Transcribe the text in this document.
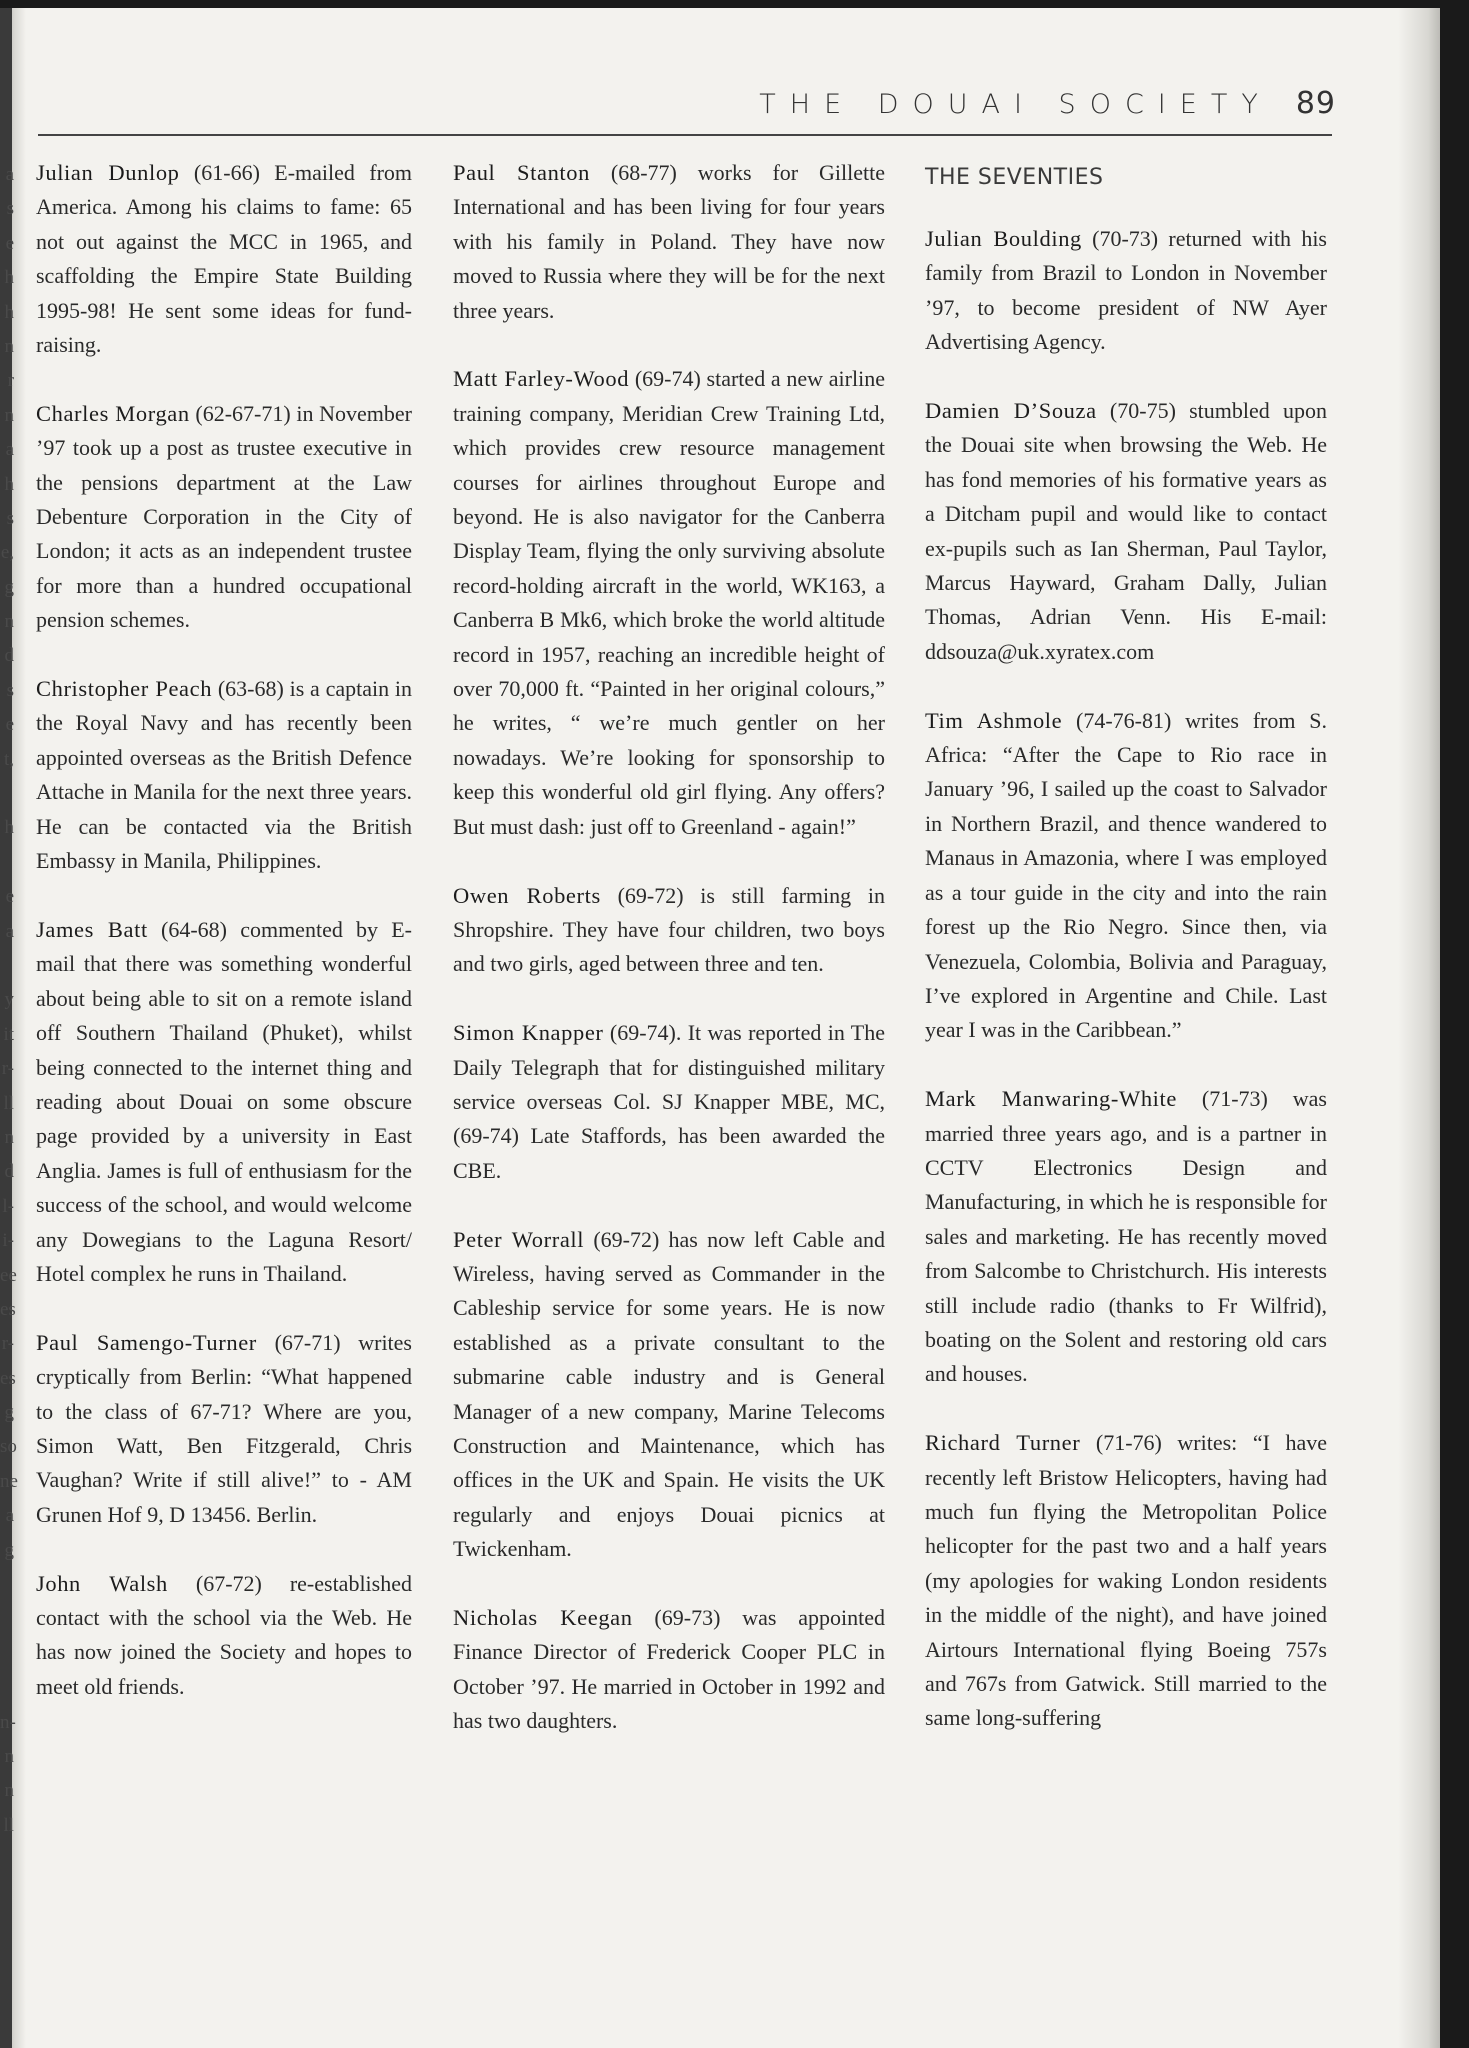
a
s
e
h
h
n
r
n
a
h
s
e,
g
n
d
s
e
t,
h
e
a
y
it
r-
ll
n
d
l-
i-
ee
es
r-
es
g
so
ne
a
g
n-
n
n
ll
THE DOUAI SOCIETY 89

Julian Dunlop (61-66) E-mailed from America. Among his claims to fame: 65 not out against the MCC in 1965, and scaffolding the Empire State Building 1995-98! He sent some ideas for fund-raising.

Charles Morgan (62-67-71) in November ’97 took up a post as trustee executive in the pensions department at the Law Debenture Corporation in the City of London; it acts as an independent trustee for more than a hundred occupational pension schemes.

Christopher Peach (63-68) is a captain in the Royal Navy and has recently been appointed overseas as the British Defence Attache in Manila for the next three years. He can be contacted via the British Embassy in Manila, Philippines.

James Batt (64-68) commented by E-mail that there was something wonderful about being able to sit on a remote island off Southern Thailand (Phuket), whilst being connected to the internet thing and reading about Douai on some obscure page provided by a university in East Anglia. James is full of enthusiasm for the success of the school, and would welcome any Dowegians to the Laguna Resort/ Hotel complex he runs in Thailand.

Paul Samengo-Turner (67-71) writes cryptically from Berlin: “What happened to the class of 67-71? Where are you, Simon Watt, Ben Fitzgerald, Chris Vaughan? Write if still alive!” to - AM Grunen Hof 9, D 13456. Berlin.

John Walsh (67-72) re-established contact with the school via the Web. He has now joined the Society and hopes to meet old friends.

Paul Stanton (68-77) works for Gillette International and has been living for four years with his family in Poland. They have now moved to Russia where they will be for the next three years.

Matt Farley-Wood (69-74) started a new airline training company, Meridian Crew Training Ltd, which provides crew resource management courses for airlines throughout Europe and beyond. He is also navigator for the Canberra Display Team, flying the only surviving absolute record-holding aircraft in the world, WK163, a Canberra B Mk6, which broke the world altitude record in 1957, reaching an incredible height of over 70,000 ft. “Painted in her original colours,” he writes, “ we’re much gentler on her nowadays. We’re looking for sponsorship to keep this wonderful old girl flying. Any offers? But must dash: just off to Greenland - again!”

Owen Roberts (69-72) is still farming in Shropshire. They have four children, two boys and two girls, aged between three and ten.

Simon Knapper (69-74). It was reported in The Daily Telegraph that for distinguished military service overseas Col. SJ Knapper MBE, MC, (69-74) Late Staffords, has been awarded the CBE.

Peter Worrall (69-72) has now left Cable and Wireless, having served as Commander in the Cableship service for some years. He is now established as a private consultant to the submarine cable industry and is General Manager of a new company, Marine Telecoms Construction and Maintenance, which has offices in the UK and Spain. He visits the UK regularly and enjoys Douai picnics at Twickenham.

Nicholas Keegan (69-73) was appointed Finance Director of Frederick Cooper PLC in October ’97. He married in October in 1992 and has two daughters.

THE SEVENTIES

Julian Boulding (70-73) returned with his family from Brazil to London in November ’97, to become president of NW Ayer Advertising Agency.

Damien D’Souza (70-75) stumbled upon the Douai site when browsing the Web. He has fond memories of his formative years as a Ditcham pupil and would like to contact ex-pupils such as Ian Sherman, Paul Taylor, Marcus Hayward, Graham Dally, Julian Thomas, Adrian Venn. His E-mail: ddsouza@uk.xyratex.com

Tim Ashmole (74-76-81) writes from S. Africa: “After the Cape to Rio race in January ’96, I sailed up the coast to Salvador in Northern Brazil, and thence wandered to Manaus in Amazonia, where I was employed as a tour guide in the city and into the rain forest up the Rio Negro. Since then, via Venezuela, Colombia, Bolivia and Paraguay, I’ve explored in Argentine and Chile. Last year I was in the Caribbean.”

Mark Manwaring-White (71-73) was married three years ago, and is a partner in CCTV Electronics Design and Manufacturing, in which he is responsible for sales and marketing. He has recently moved from Salcombe to Christchurch. His interests still include radio (thanks to Fr Wilfrid), boating on the Solent and restoring old cars and houses.

Richard Turner (71-76) writes: “I have recently left Bristow Helicopters, having had much fun flying the Metropolitan Police helicopter for the past two and a half years (my apologies for waking London residents in the middle of the night), and have joined Airtours International flying Boeing 757s and 767s from Gatwick. Still married to the same long-suffering
